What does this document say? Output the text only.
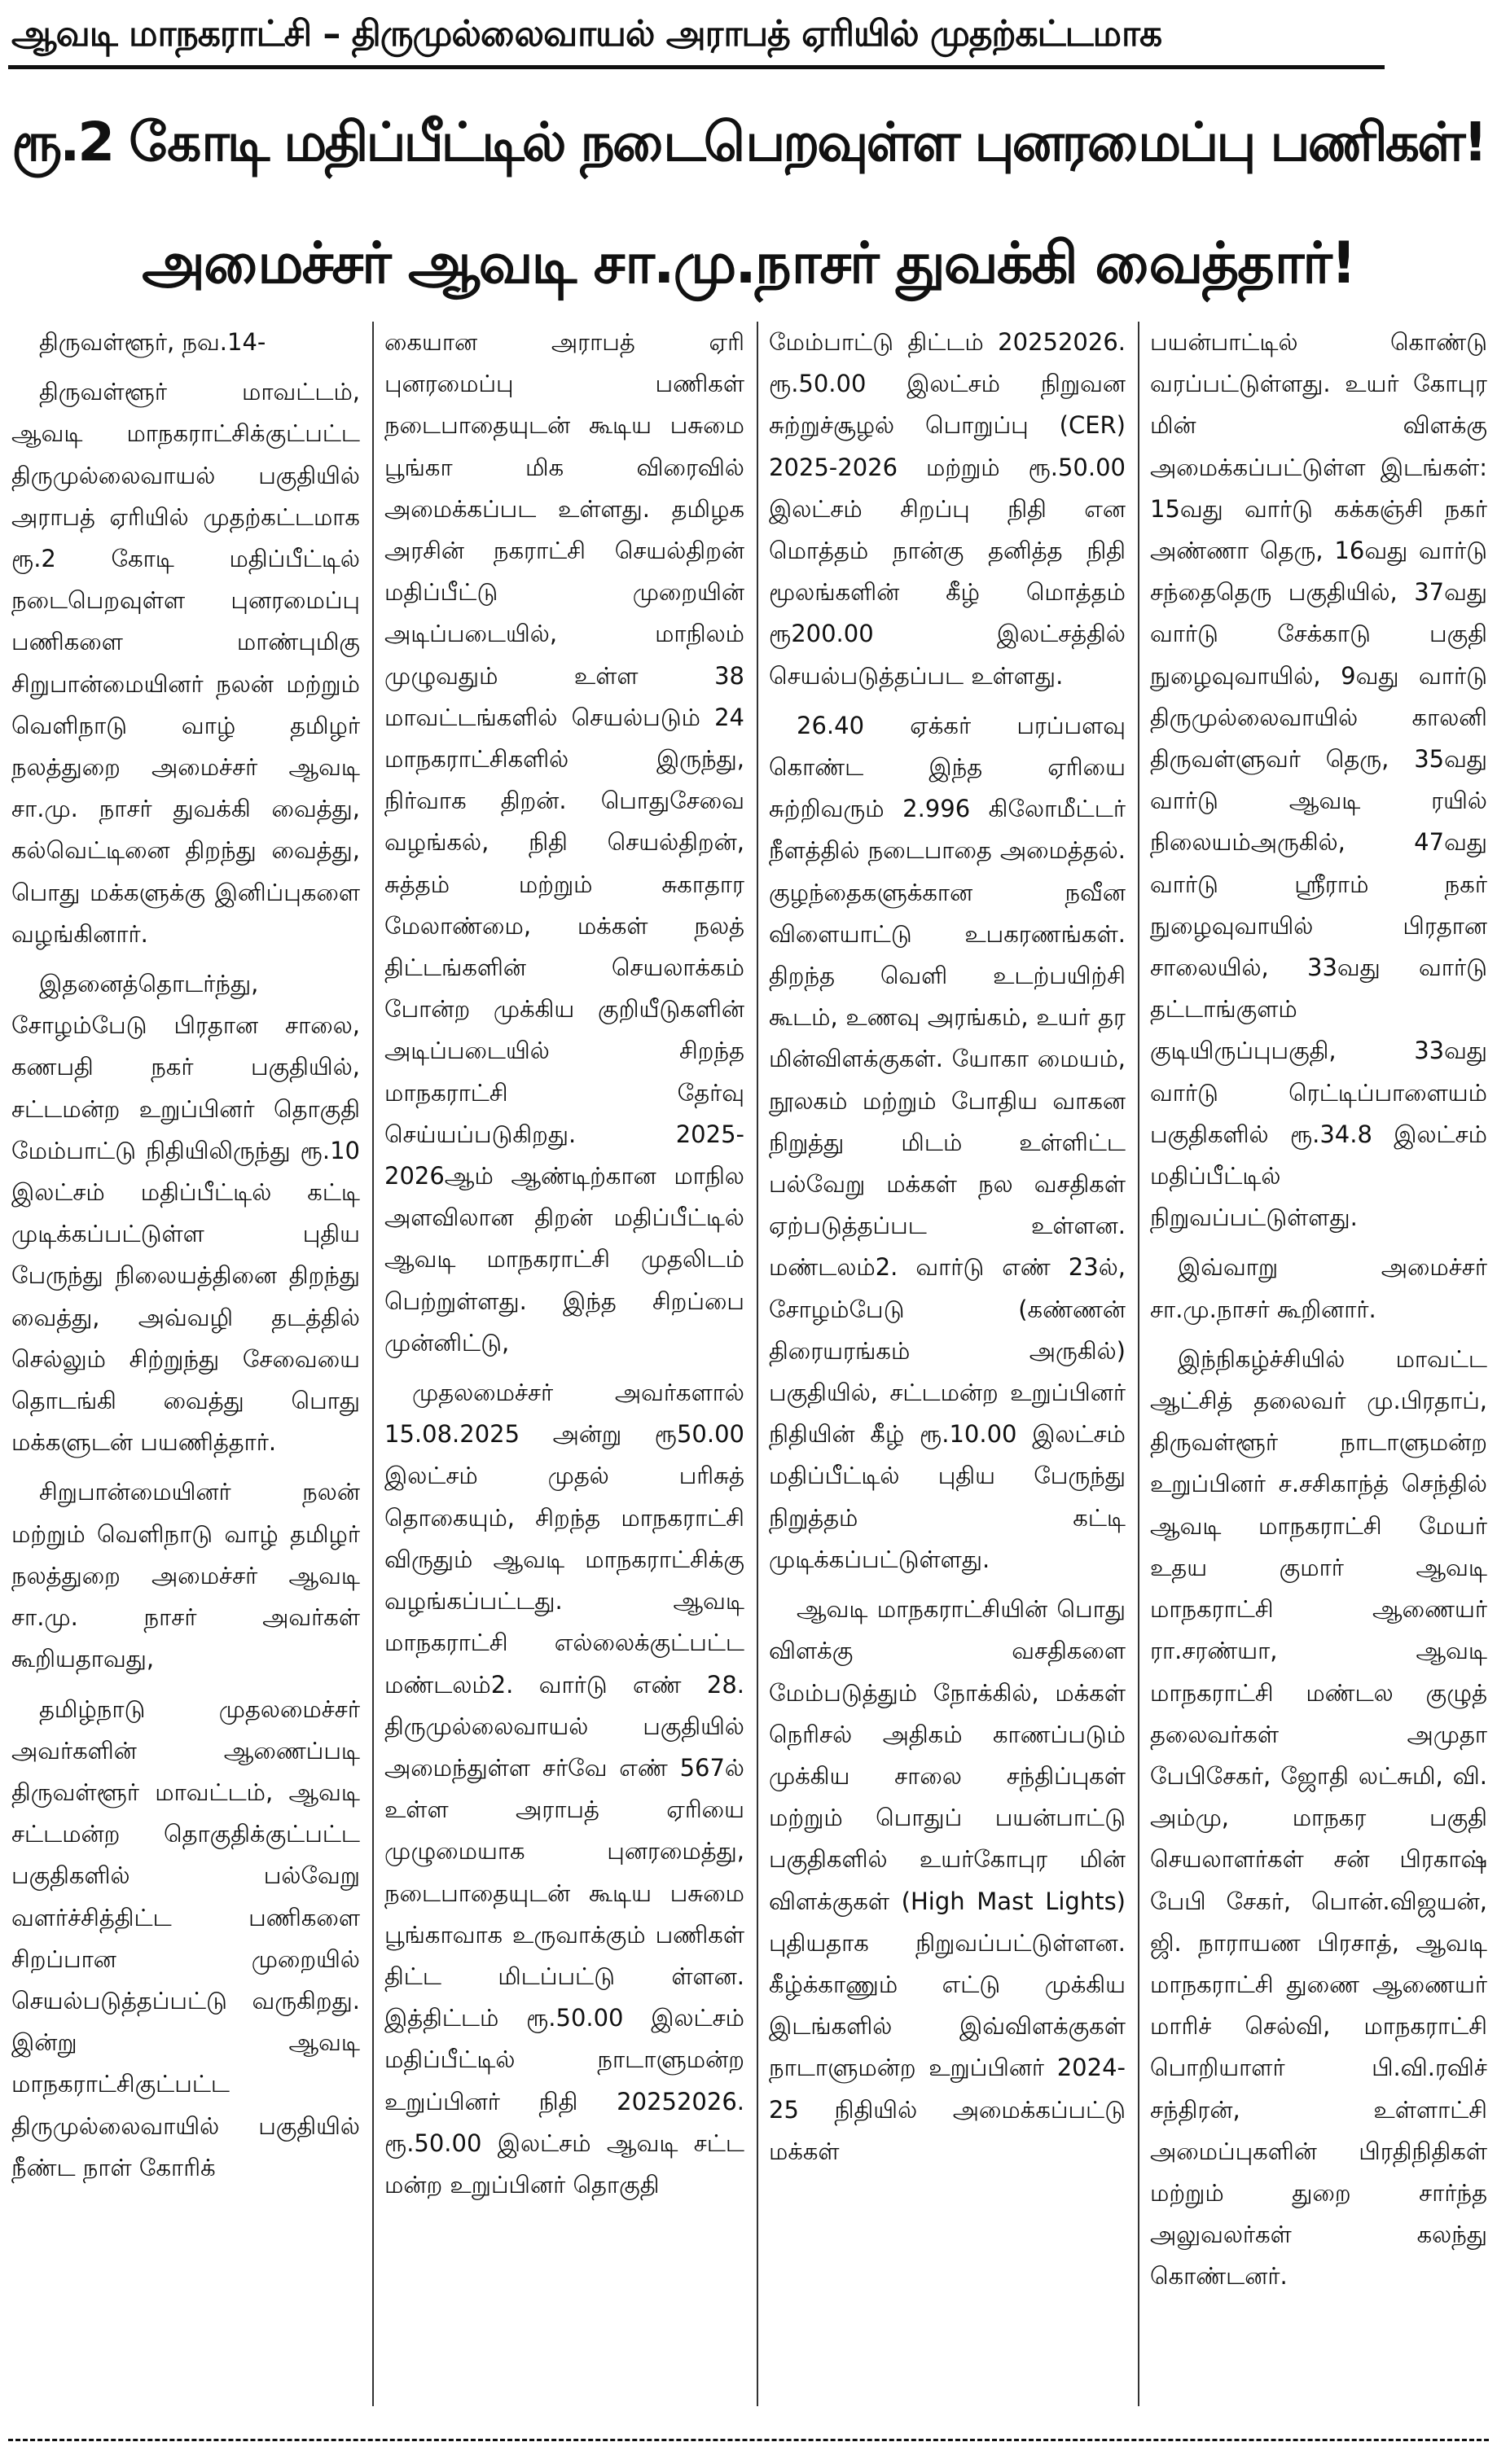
ஆவடி மாநகராட்சி – திருமுல்லைவாயல் அராபத் ஏரியில் முதற்கட்டமாக
ரூ.2 கோடி மதிப்பீட்டில் நடைபெறவுள்ள புனரமைப்பு பணிகள்!
அமைச்சர் ஆவடி சா.மு.நாசர் துவக்கி வைத்தார்!

திருவள்ளூர், நவ.14-

திருவள்ளூர் மாவட்டம், ஆவடி மாநகராட்சிக்குட்பட்ட திருமுல்லைவாயல் பகுதியில் அராபத் ஏரியில் முதற்கட்டமாக ரூ.2 கோடி மதிப்பீட்டில் நடைபெறவுள்ள புனரமைப்பு பணிகளை மாண்புமிகு சிறுபான்மையினர் நலன் மற்றும் வெளிநாடு வாழ் தமிழர் நலத்துறை அமைச்சர் ஆவடி சா.மு. நாசர் துவக்கி வைத்து, கல்வெட்டினை திறந்து வைத்து, பொது மக்களுக்கு இனிப்புகளை வழங்கினார்.

இதனைத்தொடர்ந்து, சோழம்பேடு பிரதான சாலை, கணபதி நகர் பகுதியில், சட்டமன்ற உறுப்பினர் தொகுதி மேம்பாட்டு நிதியிலிருந்து ரூ.10 இலட்சம் மதிப்பீட்டில் கட்டி முடிக்கப்பட்டுள்ள புதிய பேருந்து நிலையத்தினை திறந்து வைத்து, அவ்வழி தடத்தில் செல்லும் சிற்றுந்து சேவையை தொடங்கி வைத்து பொது மக்களுடன் பயணித்தார்.

சிறுபான்மையினர் நலன் மற்றும் வெளிநாடு வாழ் தமிழர் நலத்துறை அமைச்சர் ஆவடி சா.மு. நாசர் அவர்கள் கூறியதாவது,

தமிழ்நாடு முதலமைச்சர் அவர்களின் ஆணைப்படி திருவள்ளூர் மாவட்டம், ஆவடி சட்டமன்ற தொகுதிக்குட்பட்ட பகுதிகளில் பல்வேறு வளர்ச்சித்திட்ட பணிகளை சிறப்பான முறையில் செயல்படுத்தப்பட்டு வருகிறது. இன்று ஆவடி மாநகராட்சிகுட்பட்ட திருமுல்லைவாயில் பகுதியில் நீண்ட நாள் கோரிக்

கையான அராபத் ஏரி புனரமைப்பு பணிகள் நடைபாதையுடன் கூடிய பசுமை பூங்கா மிக விரைவில் அமைக்கப்பட உள்ளது. தமிழக அரசின் நகராட்சி செயல்திறன் மதிப்பீட்டு முறையின் அடிப்படையில், மாநிலம் முழுவதும் உள்ள 38 மாவட்டங்களில் செயல்படும் 24 மாநகராட்சிகளில் இருந்து, நிர்வாக திறன். பொதுசேவை வழங்கல், நிதி செயல்திறன், சுத்தம் மற்றும் சுகாதார மேலாண்மை, மக்கள் நலத் திட்டங்களின் செயலாக்கம் போன்ற முக்கிய குறியீடுகளின் அடிப்படையில் சிறந்த மாநகராட்சி தேர்வு செய்யப்படுகிறது. 2025-2026ஆம் ஆண்டிற்கான மாநில அளவிலான திறன் மதிப்பீட்டில் ஆவடி மாநகராட்சி முதலிடம் பெற்றுள்ளது. இந்த சிறப்பை முன்னிட்டு,

முதலமைச்சர் அவர்களால் 15.08.2025 அன்று ரூ50.00 இலட்சம் முதல் பரிசுத் தொகையும், சிறந்த மாநகராட்சி விருதும் ஆவடி மாநகராட்சிக்கு வழங்கப்பட்டது. ஆவடி மாநகராட்சி எல்லைக்குட்பட்ட மண்டலம்2. வார்டு எண் 28. திருமுல்லைவாயல் பகுதியில் அமைந்துள்ள சர்வே எண் 567ல் உள்ள அராபத் ஏரியை முழுமையாக புனரமைத்து, நடைபாதையுடன் கூடிய பசுமை பூங்காவாக உருவாக்கும் பணிகள் திட்ட மிடப்பட்டு ள்ளன. இத்திட்டம் ரூ.50.00 இலட்சம் மதிப்பீட்டில் நாடாளுமன்ற உறுப்பினர் நிதி 20252026. ரூ.50.00 இலட்சம் ஆவடி சட்ட மன்ற உறுப்பினர் தொகுதி

மேம்பாட்டு திட்டம் 20252026. ரூ.50.00 இலட்சம் நிறுவன சுற்றுச்சூழல் பொறுப்பு (CER) 2025-2026 மற்றும் ரூ.50.00 இலட்சம் சிறப்பு நிதி என மொத்தம் நான்கு தனித்த நிதி மூலங்களின் கீழ் மொத்தம் ரூ200.00 இலட்சத்தில் செயல்படுத்தப்பட உள்ளது.

26.40 ஏக்கர் பரப்பளவு கொண்ட இந்த ஏரியை சுற்றிவரும் 2.996 கிலோமீட்டர் நீளத்தில் நடைபாதை அமைத்தல். குழந்தைகளுக்கான நவீன விளையாட்டு உபகரணங்கள். திறந்த வெளி உடற்பயிற்சி கூடம், உணவு அரங்கம், உயர் தர மின்விளக்குகள். யோகா மையம், நூலகம் மற்றும் போதிய வாகன நிறுத்து மிடம் உள்ளிட்ட பல்வேறு மக்கள் நல வசதிகள் ஏற்படுத்தப்பட உள்ளன. மண்டலம்2. வார்டு எண் 23ல், சோழம்பேடு (கண்ணன் திரையரங்கம் அருகில்) பகுதியில், சட்டமன்ற உறுப்பினர் நிதியின் கீழ் ரூ.10.00 இலட்சம் மதிப்பீட்டில் புதிய பேருந்து நிறுத்தம் கட்டி முடிக்கப்பட்டுள்ளது.

ஆவடி மாநகராட்சியின் பொது விளக்கு வசதிகளை மேம்படுத்தும் நோக்கில், மக்கள் நெரிசல் அதிகம் காணப்படும் முக்கிய சாலை சந்திப்புகள் மற்றும் பொதுப் பயன்பாட்டு பகுதிகளில் உயர்கோபுர மின் விளக்குகள் (High Mast Lights) புதியதாக நிறுவப்பட்டுள்ளன. கீழ்க்காணும் எட்டு முக்கிய இடங்களில் இவ்விளக்குகள் நாடாளுமன்ற உறுப்பினர் 2024-25 நிதியில் அமைக்கப்பட்டு மக்கள்

பயன்பாட்டில் கொண்டு வரப்பட்டுள்ளது. உயர் கோபுர மின் விளக்கு அமைக்கப்பட்டுள்ள இடங்கள்: 15வது வார்டு கக்கஞ்சி நகர் அண்ணா தெரு, 16வது வார்டு சந்தைதெரு பகுதியில், 37வது வார்டு சேக்காடு பகுதி நுழைவுவாயில், 9வது வார்டு திருமுல்லைவாயில் காலனி திருவள்ளுவர் தெரு, 35வது வார்டு ஆவடி ரயில் நிலையம்அருகில், 47வது வார்டு ஸ்ரீராம் நகர் நுழைவுவாயில் பிரதான சாலையில், 33வது வார்டு தட்டாங்குளம் குடியிருப்புபகுதி, 33வது வார்டு ரெட்டிப்பாளையம் பகுதிகளில் ரூ.34.8 இலட்சம் மதிப்பீட்டில் நிறுவப்பட்டுள்ளது.

இவ்வாறு அமைச்சர் சா.மு.நாசர் கூறினார்.

இந்நிகழ்ச்சியில் மாவட்ட ஆட்சித் தலைவர் மு.பிரதாப், திருவள்ளூர் நாடாளுமன்ற உறுப்பினர் ச.சசிகாந்த் செந்தில் ஆவடி மாநகராட்சி மேயர் உதய குமார் ஆவடி மாநகராட்சி ஆணையர் ரா.சரண்யா, ஆவடி மாநகராட்சி மண்டல குழுத் தலைவர்கள் அமுதா பேபிசேகர், ஜோதி லட்சுமி, வி. அம்மு, மாநகர பகுதி செயலாளர்கள் சன் பிரகாஷ் பேபி சேகர், பொன்.விஜயன், ஜி. நாராயண பிரசாத், ஆவடி மாநகராட்சி துணை ஆணையர் மாரிச் செல்வி, மாநகராட்சி பொறியாளர் பி.வி.ரவிச் சந்திரன், உள்ளாட்சி அமைப்புகளின் பிரதிநிதிகள் மற்றும் துறை சார்ந்த அலுவலர்கள் கலந்து கொண்டனர்.
